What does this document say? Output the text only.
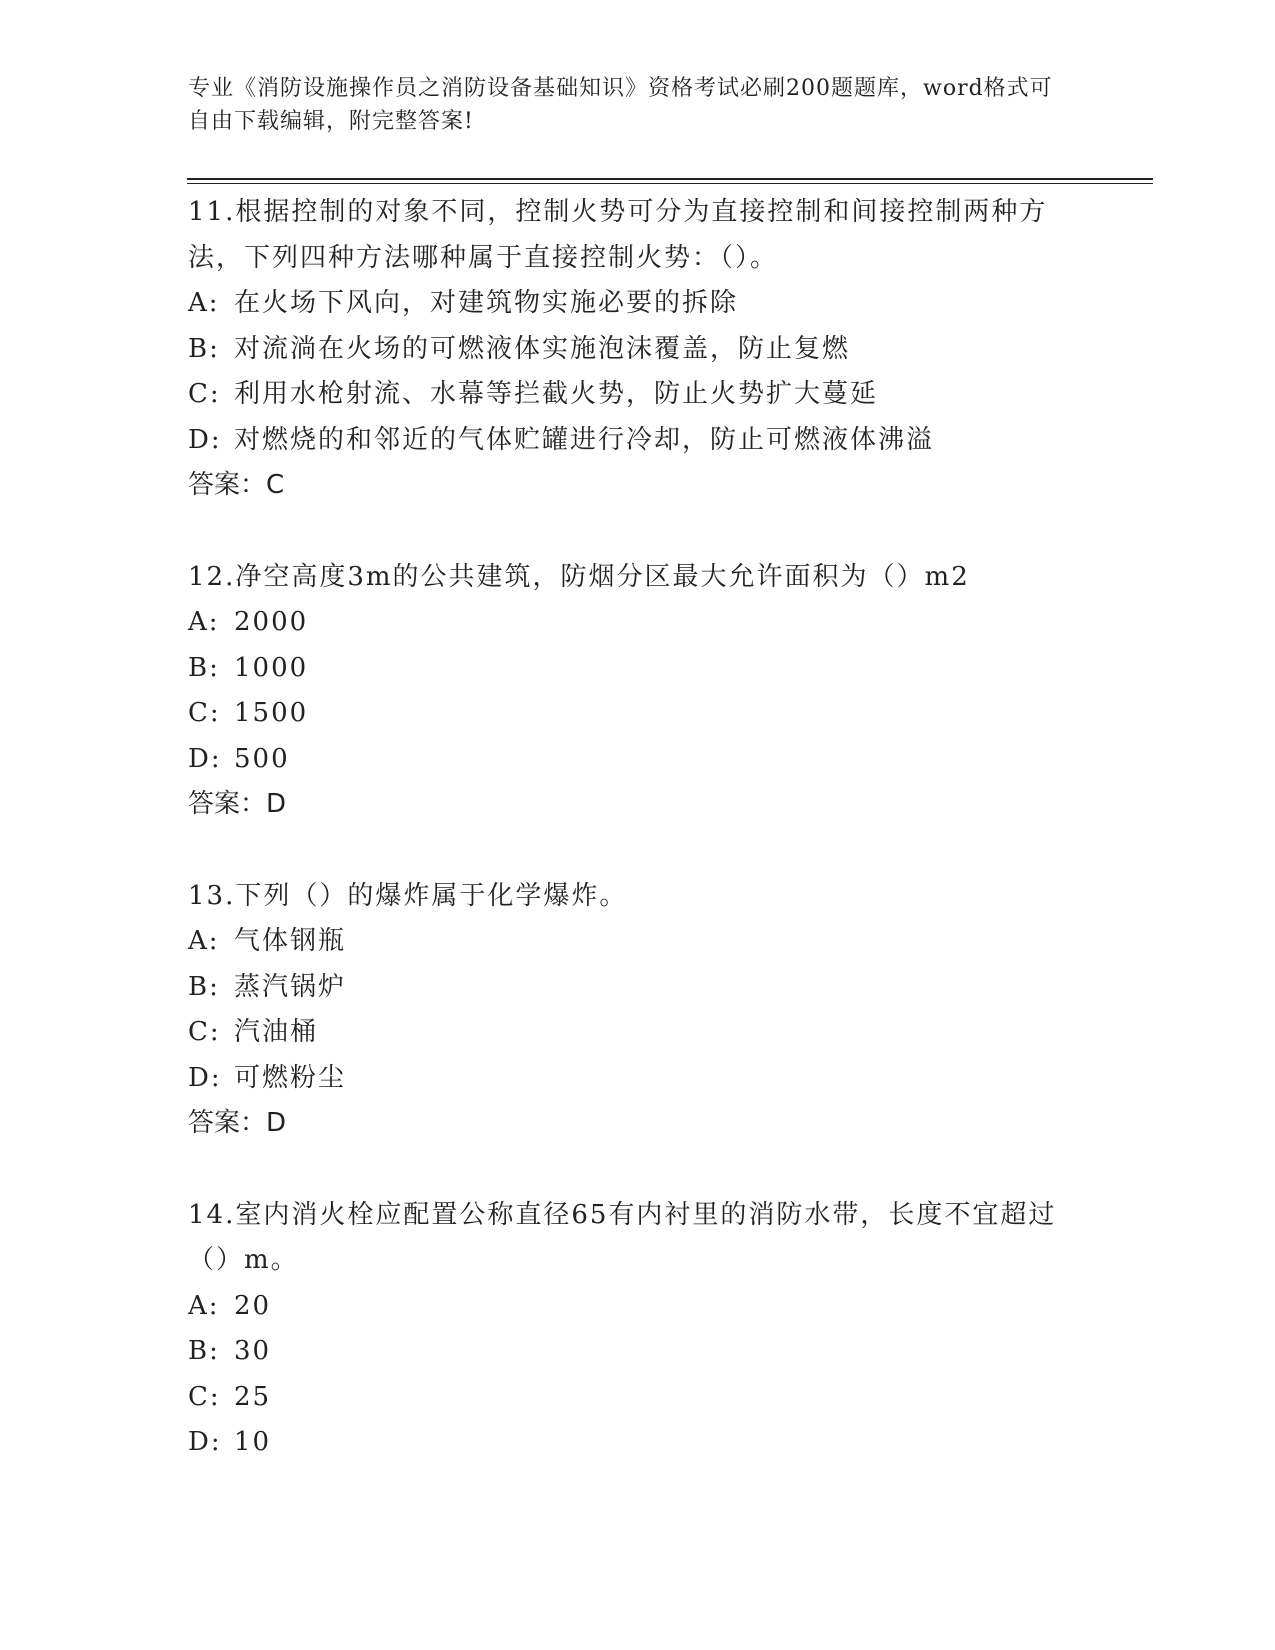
专业《消防设施操作员之消防设备基础知识》资格考试必刷200题题库，word格式可自由下载编辑，附完整答案!

11.根据控制的对象不同，控制火势可分为直接控制和间接控制两种方法，下列四种方法哪种属于直接控制火势：（）。

A: 在火场下风向，对建筑物实施必要的拆除

B: 对流淌在火场的可燃液体实施泡沫覆盖，防止复燃

C: 利用水枪射流、水幕等拦截火势，防止火势扩大蔓延

D: 对燃烧的和邻近的气体贮罐进行冷却，防止可燃液体沸溢

答案：C

12.净空高度3m的公共建筑，防烟分区最大允许面积为（）m2

A: 2000

B: 1000

C: 1500

D: 500

答案：D

13.下列（）的爆炸属于化学爆炸。

A: 气体钢瓶

B: 蒸汽锅炉

C: 汽油桶

D: 可燃粉尘

答案：D

14.室内消火栓应配置公称直径65有内衬里的消防水带，长度不宜超过（）m。

A: 20

B: 30

C: 25

D: 10
